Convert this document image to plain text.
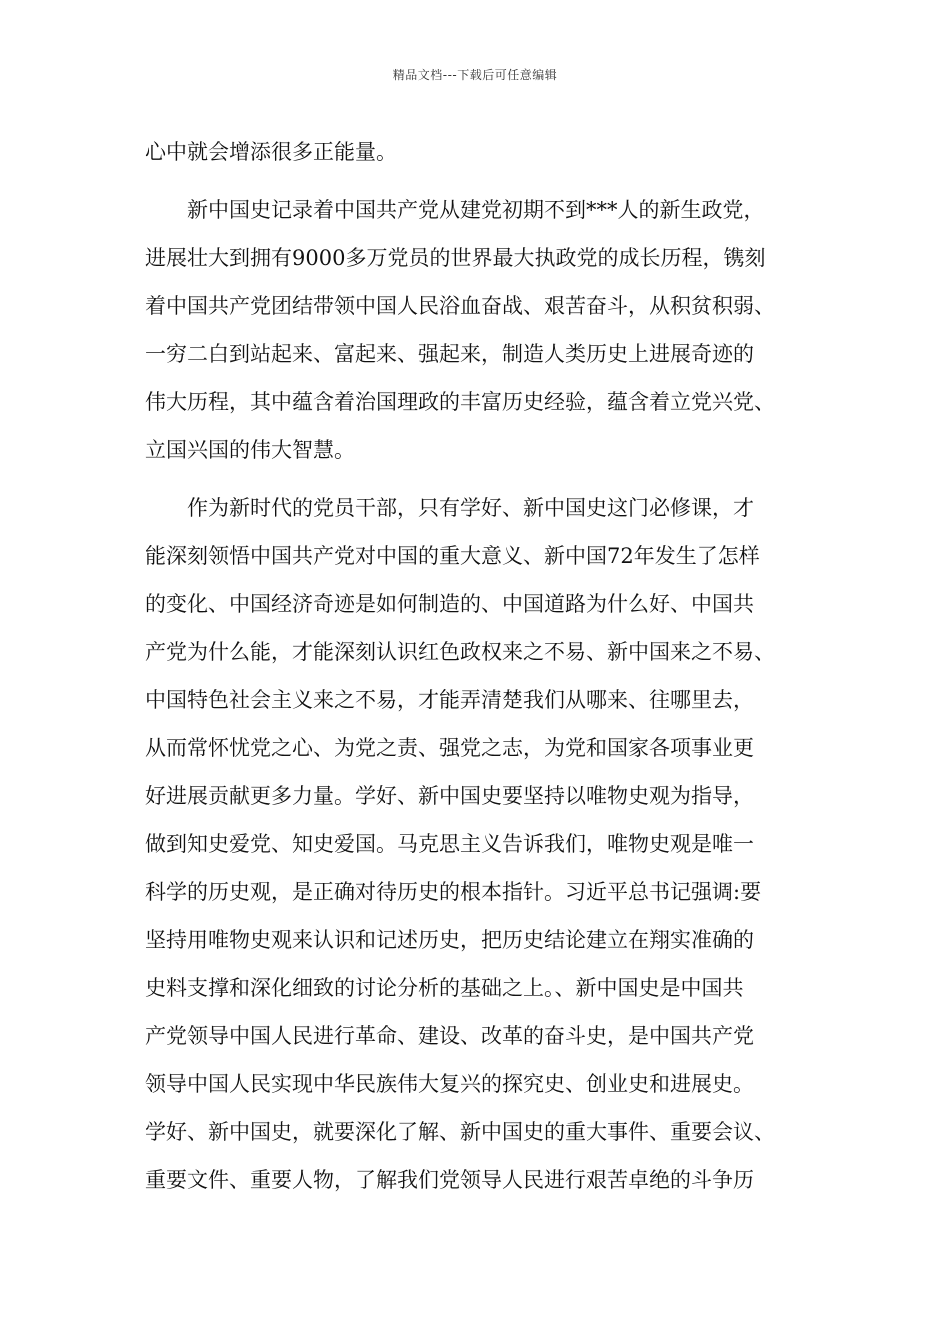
精品文档---下载后可任意编辑
心中就会增添很多正能量。
新中国史记录着中国共产党从建党初期不到***人的新生政党，
进展壮大到拥有9000多万党员的世界最大执政党的成长历程，镌刻
着中国共产党团结带领中国人民浴血奋战、艰苦奋斗，从积贫积弱、
一穷二白到站起来、富起来、强起来，制造人类历史上进展奇迹的
伟大历程，其中蕴含着治国理政的丰富历史经验，蕴含着立党兴党、
立国兴国的伟大智慧。
作为新时代的党员干部，只有学好、新中国史这门必修课，才
能深刻领悟中国共产党对中国的重大意义、新中国72年发生了怎样
的变化、中国经济奇迹是如何制造的、中国道路为什么好、中国共
产党为什么能，才能深刻认识红色政权来之不易、新中国来之不易、
中国特色社会主义来之不易，才能弄清楚我们从哪来、往哪里去，
从而常怀忧党之心、为党之责、强党之志，为党和国家各项事业更
好进展贡献更多力量。学好、新中国史要坚持以唯物史观为指导，
做到知史爱党、知史爱国。马克思主义告诉我们，唯物史观是唯一
科学的历史观，是正确对待历史的根本指针。习近平总书记强调:要
坚持用唯物史观来认识和记述历史，把历史结论建立在翔实准确的
史料支撑和深化细致的讨论分析的基础之上。、新中国史是中国共
产党领导中国人民进行革命、建设、改革的奋斗史，是中国共产党
领导中国人民实现中华民族伟大复兴的探究史、创业史和进展史。
学好、新中国史，就要深化了解、新中国史的重大事件、重要会议、
重要文件、重要人物，了解我们党领导人民进行艰苦卓绝的斗争历
